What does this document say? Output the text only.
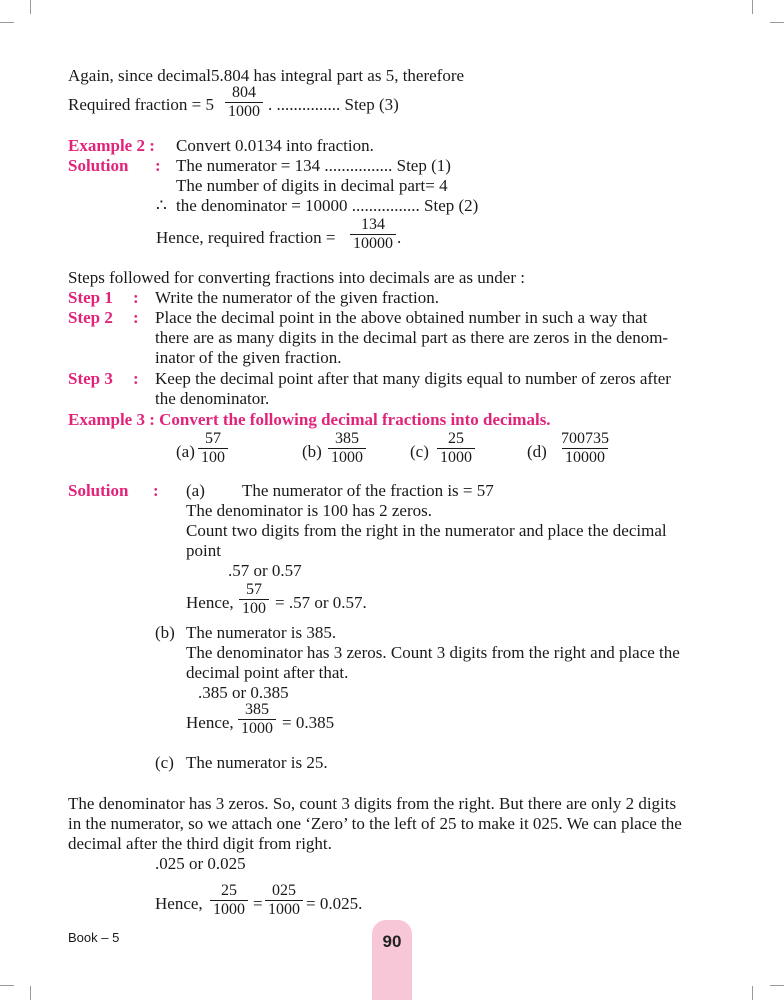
Again, since decimal5.804 has integral part as 5, therefore
Required fraction = $5 \frac{804}{1000}$ . ............... Step (3)
Example 2 : Convert 0.0134 into fraction.
Solution : The numerator = 134 ................ Step (1)
The number of digits in decimal part= 4
∴ the denominator = 10000 ................ Step (2)
Hence, required fraction = $\frac{134}{10000}$ .
Steps followed for converting fractions into decimals are as under :
Step 1 : Write the numerator of the given fraction.
Step 2 : Place the decimal point in the above obtained number in such a way that
there are as many digits in the decimal part as there are zeros in the denom-
inator of the given fraction.
Step 3 : Keep the decimal point after that many digits equal to number of zeros after
the denominator.
Example 3 : Convert the following decimal fractions into decimals.
$(a) \frac{57}{100}$	$(b) \frac{385}{1000}$	$(c) \frac{25}{1000}$	$(d) \frac{700735}{10000}$
Solution : (a) The numerator of the fraction is = 57
The denominator is 100 has 2 zeros.
Count two digits from the right in the numerator and place the decimal
point
.57 or 0.57
Hence, $\frac{57}{100} = .57$ or 0.57.
(b) The numerator is 385.
The denominator has 3 zeros. Count 3 digits from the right and place the
decimal point after that.
.385 or 0.385
Hence, $\frac{385}{1000} = 0.385$
(c) The numerator is 25.
The denominator has 3 zeros. So, count 3 digits from the right. But there are only 2 digits
in the numerator, so we attach one ‘Zero’ to the left of 25 to make it 025. We can place the
decimal after the third digit from right.
.025 or 0.025
Hence, $\frac{25}{1000} = \frac{025}{1000} = 0.025$.
Book – 5	90
